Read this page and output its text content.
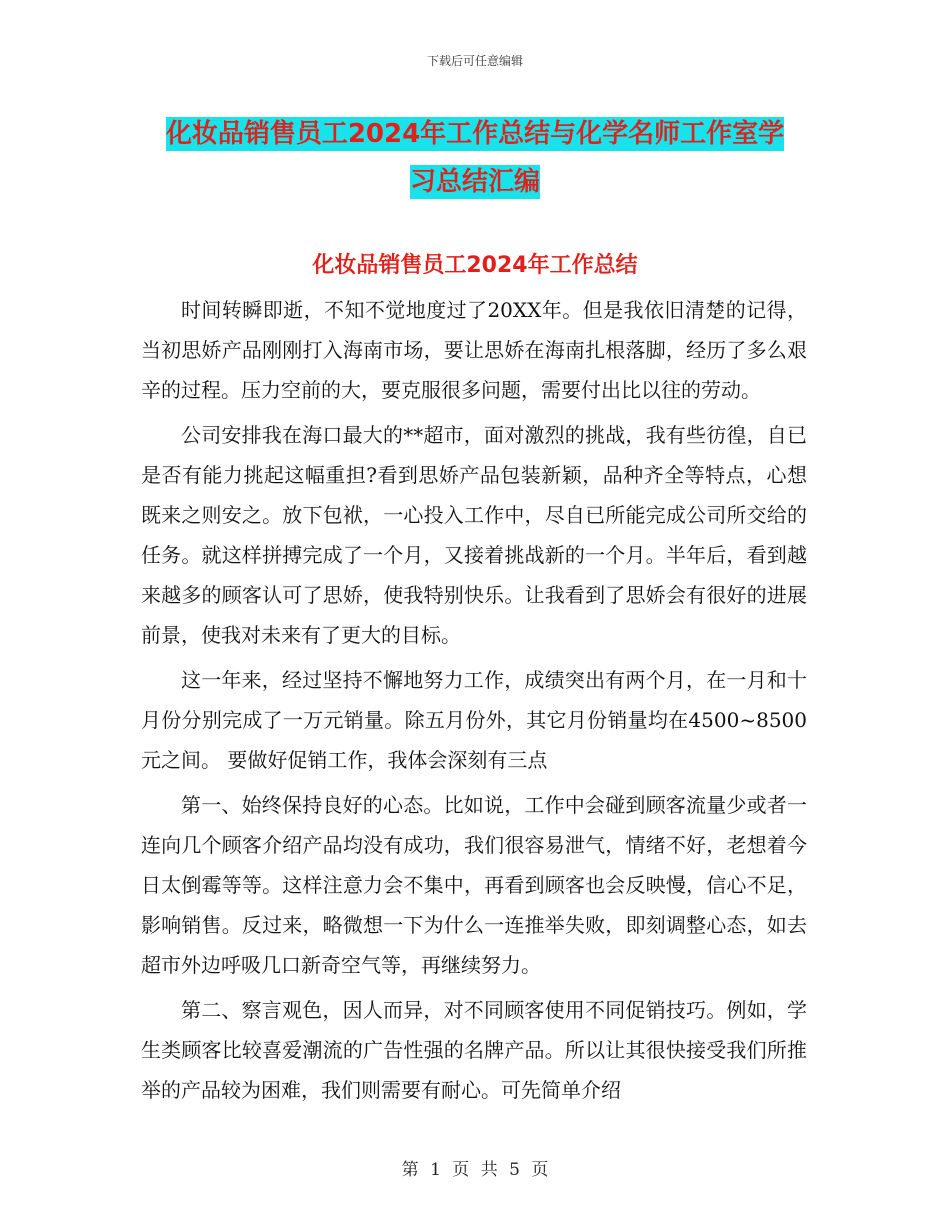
下载后可任意编辑
化妆品销售员工2024年工作总结与化学名师工作室学
习总结汇编
化妆品销售员工2024年工作总结

时间转瞬即逝，不知不觉地度过了20XX年。但是我依旧清楚的记得，当初思娇产品刚刚打入海南市场，要让思娇在海南扎根落脚，经历了多么艰辛的过程。压力空前的大，要克服很多问题，需要付出比以往的劳动。

公司安排我在海口最大的**超市，面对激烈的挑战，我有些彷徨，自已是否有能力挑起这幅重担?看到思娇产品包装新颖，品种齐全等特点，心想既来之则安之。放下包袱，一心投入工作中，尽自已所能完成公司所交给的任务。就这样拼搏完成了一个月，又接着挑战新的一个月。半年后，看到越来越多的顾客认可了思娇，使我特别快乐。让我看到了思娇会有很好的进展前景，使我对未来有了更大的目标。

这一年来，经过坚持不懈地努力工作，成绩突出有两个月，在一月和十月份分别完成了一万元销量。除五月份外，其它月份销量均在4500~8500元之间。 要做好促销工作，我体会深刻有三点

第一、始终保持良好的心态。比如说，工作中会碰到顾客流量少或者一连向几个顾客介绍产品均没有成功，我们很容易泄气，情绪不好，老想着今日太倒霉等等。这样注意力会不集中，再看到顾客也会反映慢，信心不足，影响销售。反过来，略微想一下为什么一连推举失败，即刻调整心态，如去超市外边呼吸几口新奇空气等，再继续努力。

第二、察言观色，因人而异，对不同顾客使用不同促销技巧。例如，学生类顾客比较喜爱潮流的广告性强的名牌产品。所以让其很快接受我们所推举的产品较为困难，我们则需要有耐心。可先简单介绍

第 1 页 共 5 页
